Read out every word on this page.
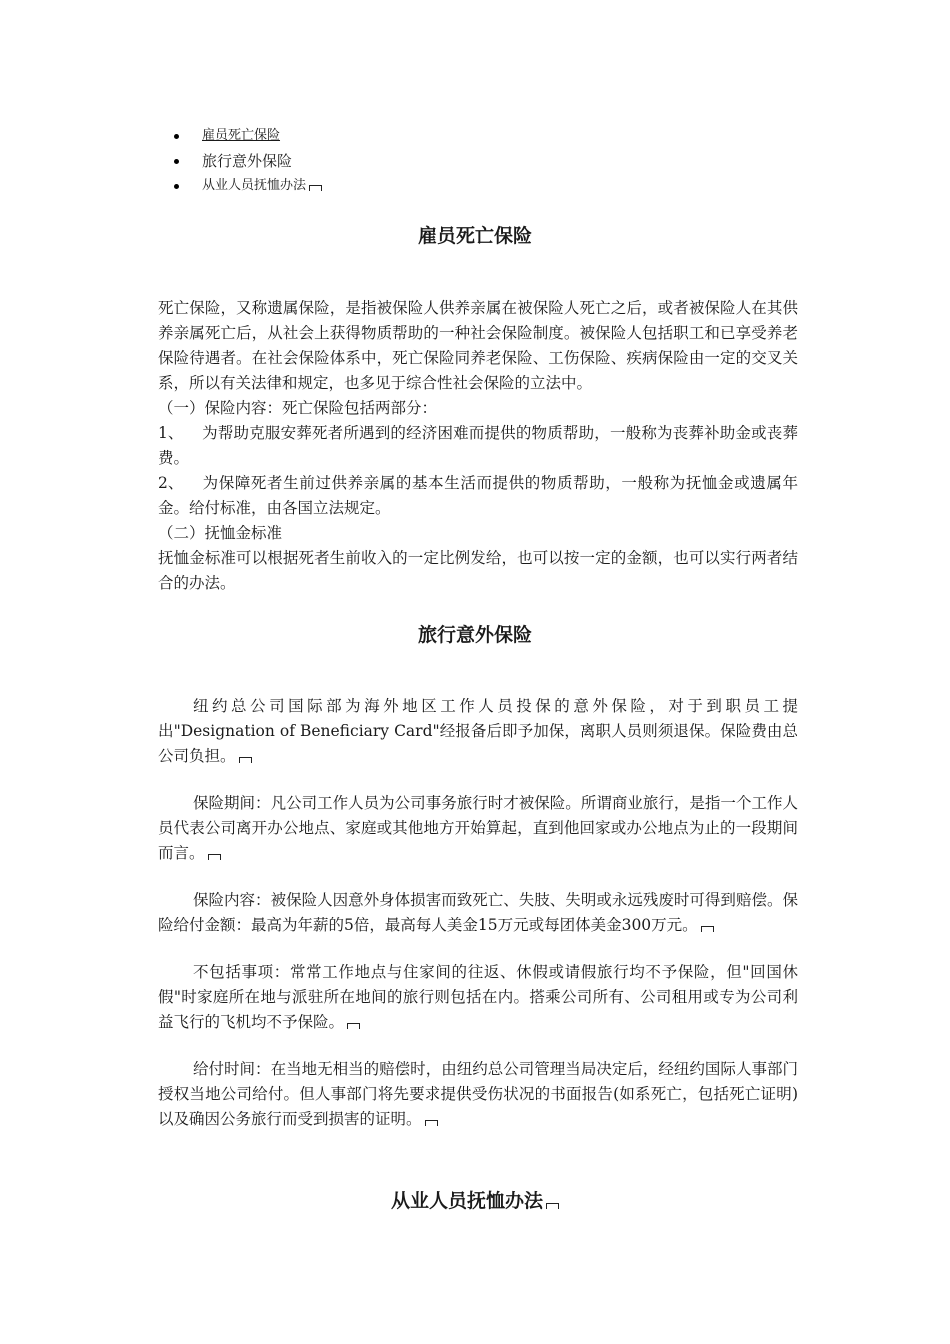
雇员死亡保险
旅行意外保险
从业人员抚恤办法
雇员死亡保险

死亡保险，又称遗属保险，是指被保险人供养亲属在被保险人死亡之后，或者被保险人在其供养亲属死亡后，从社会上获得物质帮助的一种社会保险制度。被保险人包括职工和已享受养老保险待遇者。在社会保险体系中，死亡保险同养老保险、工伤保险、疾病保险由一定的交叉关系，所以有关法律和规定，也多见于综合性社会保险的立法中。

（一）保险内容：死亡保险包括两部分：

1、 为帮助克服安葬死者所遇到的经济困难而提供的物质帮助，一般称为丧葬补助金或丧葬费。

2、 为保障死者生前过供养亲属的基本生活而提供的物质帮助，一般称为抚恤金或遗属年金。给付标准，由各国立法规定。

（二）抚恤金标准

抚恤金标准可以根据死者生前收入的一定比例发给，也可以按一定的金额，也可以实行两者结合的办法。

旅行意外保险

纽约总公司国际部为海外地区工作人员投保的意外保险，对于到职员工提出"Designation of Beneficiary Card"经报备后即予加保，离职人员则须退保。保险费由总公司负担。

保险期间：凡公司工作人员为公司事务旅行时才被保险。所谓商业旅行，是指一个工作人员代表公司离开办公地点、家庭或其他地方开始算起，直到他回家或办公地点为止的一段期间而言。

保险内容：被保险人因意外身体损害而致死亡、失肢、失明或永远残废时可得到赔偿。保险给付金额：最高为年薪的5倍，最高每人美金15万元或每团体美金300万元。

不包括事项：常常工作地点与住家间的往返、休假或请假旅行均不予保险，但"回国休假"时家庭所在地与派驻所在地间的旅行则包括在内。搭乘公司所有、公司租用或专为公司利益飞行的飞机均不予保险。

给付时间：在当地无相当的赔偿时，由纽约总公司管理当局决定后，经纽约国际人事部门授权当地公司给付。但人事部门将先要求提供受伤状况的书面报告(如系死亡，包括死亡证明)以及确因公务旅行而受到损害的证明。

从业人员抚恤办法
